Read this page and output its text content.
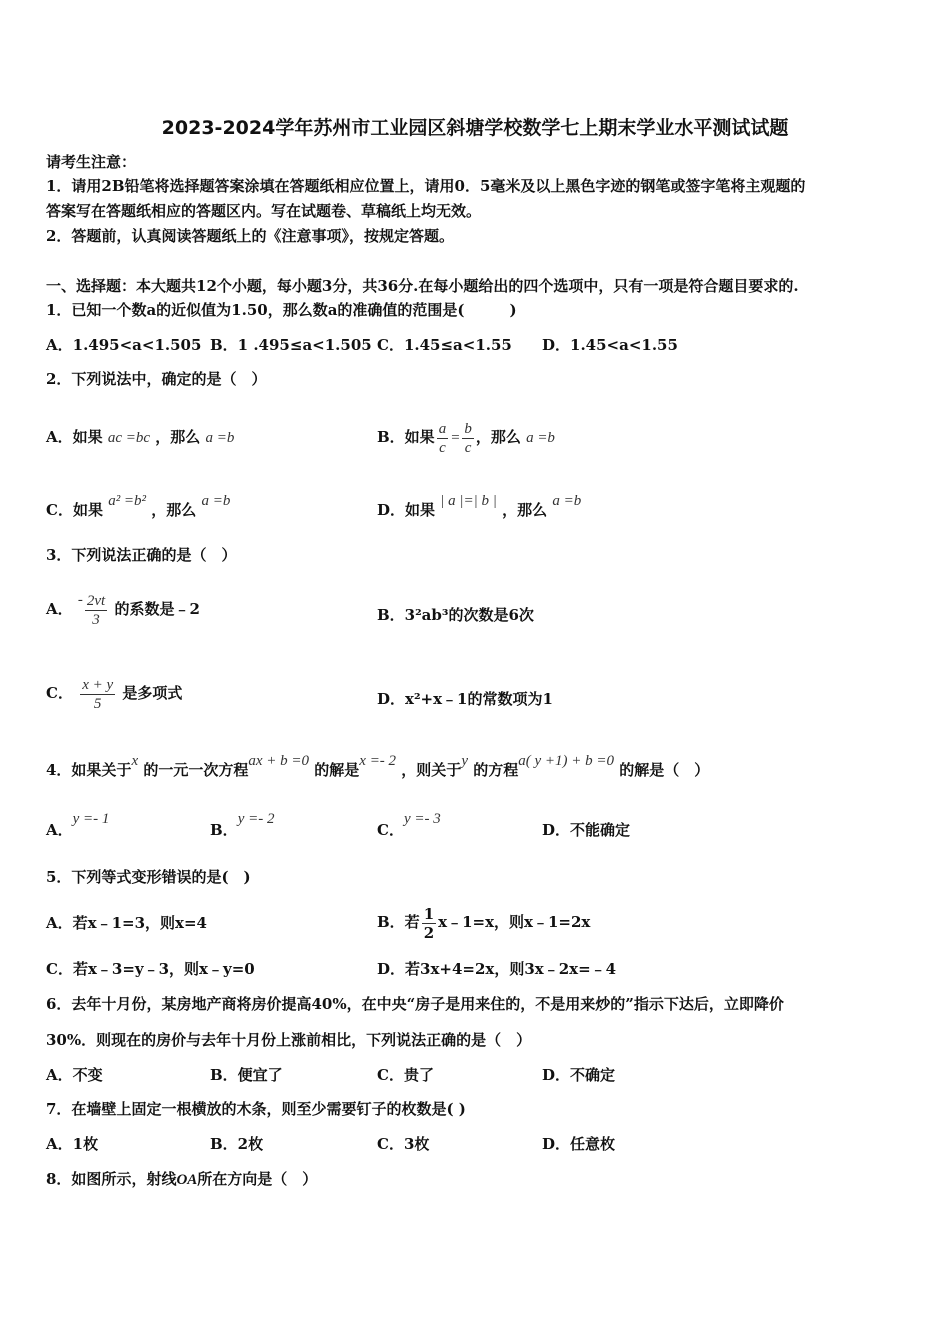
2023-2024学年苏州市工业园区斜塘学校数学七上期末学业水平测试试题
请考生注意：
1．请用2B铅笔将选择题答案涂填在答题纸相应位置上，请用0．5毫米及以上黑色字迹的钢笔或签字笔将主观题的
答案写在答题纸相应的答题区内。写在试题卷、草稿纸上均无效。
2．答题前，认真阅读答题纸上的《注意事项》，按规定答题。
一、选择题：本大题共12个小题，每小题3分，共36分.在每小题给出的四个选项中，只有一项是符合题目要求的.
1．已知一个数a的近似值为1.50，那么数a的准确值的范围是(　　　)
A．1.495<a<1.505 B．1 .495≤a<1.505 C．1.45≤a<1.55 D．1.45<a<1.55
2．下列说法中，确定的是（　）
A．如果 ac =bc ，那么 a =b	B．如果 $\frac{a}{c} = \frac{b}{c}$ ，那么 a =b
C．如果 a² =b² ，那么 a =b	D．如果 | a |=| b | ，那么 a =b
3．下列说法正确的是（　）
A． - $\frac{2vt}{3}$ 的系数是﹣2	B．3²ab³的次数是6次
C． $\frac{x + y}{5}$ 是多项式	D．x²+x﹣1的常数项为1
4．如果关于x 的一元一次方程ax + b =0 的解是x =- 2 ，则关于y 的方程a( y +1) + b =0 的解是（　）
A．y =- 1
B．y =- 2
C．y =- 3
D．不能确定
5．下列等式变形错误的是(　)
A．若x﹣1=3，则x=4	B．若 $\frac{1}{2}$ x﹣1=x，则x﹣1=2x
C．若x﹣3=y﹣3，则x﹣y=0	D．若3x+4=2x，则3x﹣2x=﹣4
6．去年十月份，某房地产商将房价提高40%，在中央“房子是用来住的，不是用来炒的”指示下达后，立即降价
30%．则现在的房价与去年十月份上涨前相比，下列说法正确的是（　）
A．不变	B．便宜了	C．贵了	D．不确定
7．在墙壁上固定一根横放的木条，则至少需要钉子的枚数是( )
A．1枚	B．2枚	C．3枚	D．任意枚
8．如图所示，射线OA所在方向是（　）
